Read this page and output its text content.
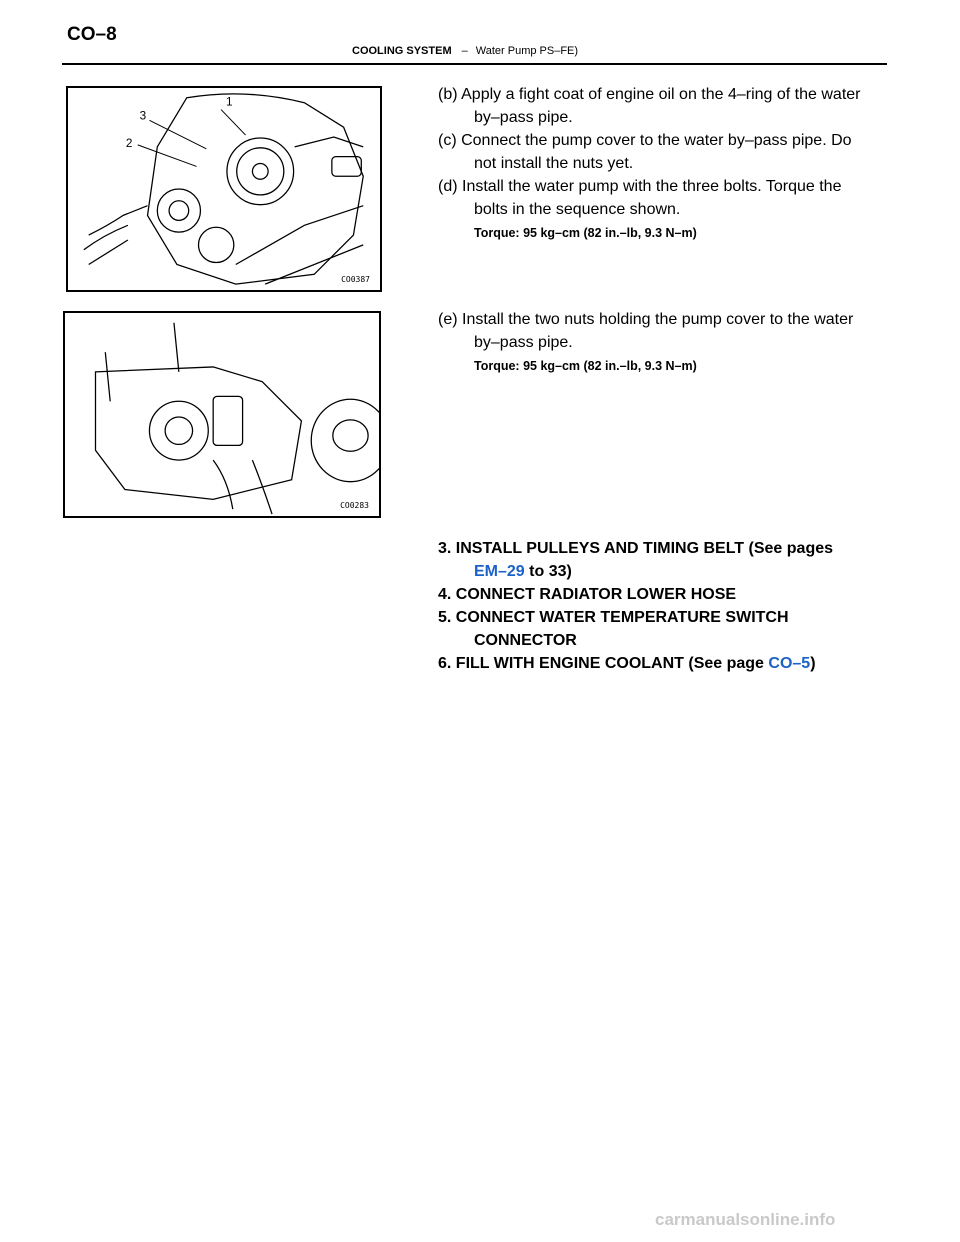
CO–8
COOLING SYSTEM – Water Pump PS–FE)
1
2
3
CO0387
CO0283
(b) Apply a fight coat of engine oil on the 4–ring of the water
by–pass pipe.
(c) Connect the pump cover to the water by–pass pipe. Do
not install the nuts yet.
(d) Install the water pump with the three bolts. Torque the
bolts in the sequence shown.
Torque: 95 kg–cm (82 in.–lb, 9.3 N–m)
(e) Install the two nuts holding the pump cover to the water
by–pass pipe.
Torque: 95 kg–cm (82 in.–lb, 9.3 N–m)
3. INSTALL PULLEYS AND TIMING BELT (See pages
EM–29 to 33)
4. CONNECT RADIATOR LOWER HOSE
5. CONNECT WATER TEMPERATURE SWITCH
CONNECTOR
6. FILL WITH ENGINE COOLANT (See page CO–5)
carmanualsonline.info
